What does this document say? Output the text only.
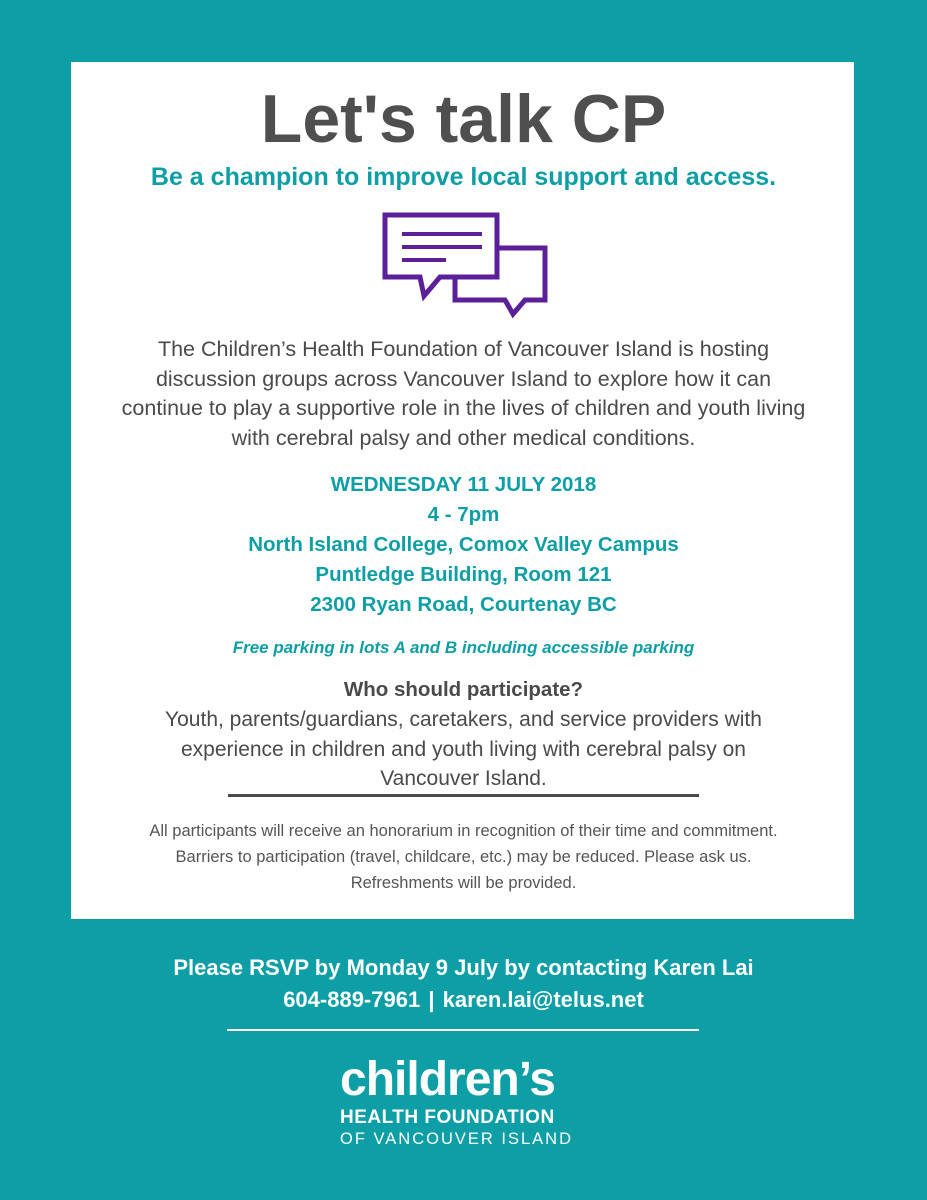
Let's talk CP
Be a champion to improve local support and access.
The Children’s Health Foundation of Vancouver Island is hosting discussion groups across Vancouver Island to explore how it can continue to play a supportive role in the lives of children and youth living with cerebral palsy and other medical conditions.
WEDNESDAY 11 JULY 2018
4 - 7pm
North Island College, Comox Valley Campus
Puntledge Building, Room 121
2300 Ryan Road, Courtenay BC
Free parking in lots A and B including accessible parking
Who should participate?
Youth, parents/guardians, caretakers, and service providers with experience in children and youth living with cerebral palsy on Vancouver Island.
All participants will receive an honorarium in recognition of their time and commitment. Barriers to participation (travel, childcare, etc.) may be reduced. Please ask us. Refreshments will be provided.
Please RSVP by Monday 9 July by contacting Karen Lai
604-889-7961 | karen.lai@telus.net
children’s
HEALTH FOUNDATION
OF VANCOUVER ISLAND
